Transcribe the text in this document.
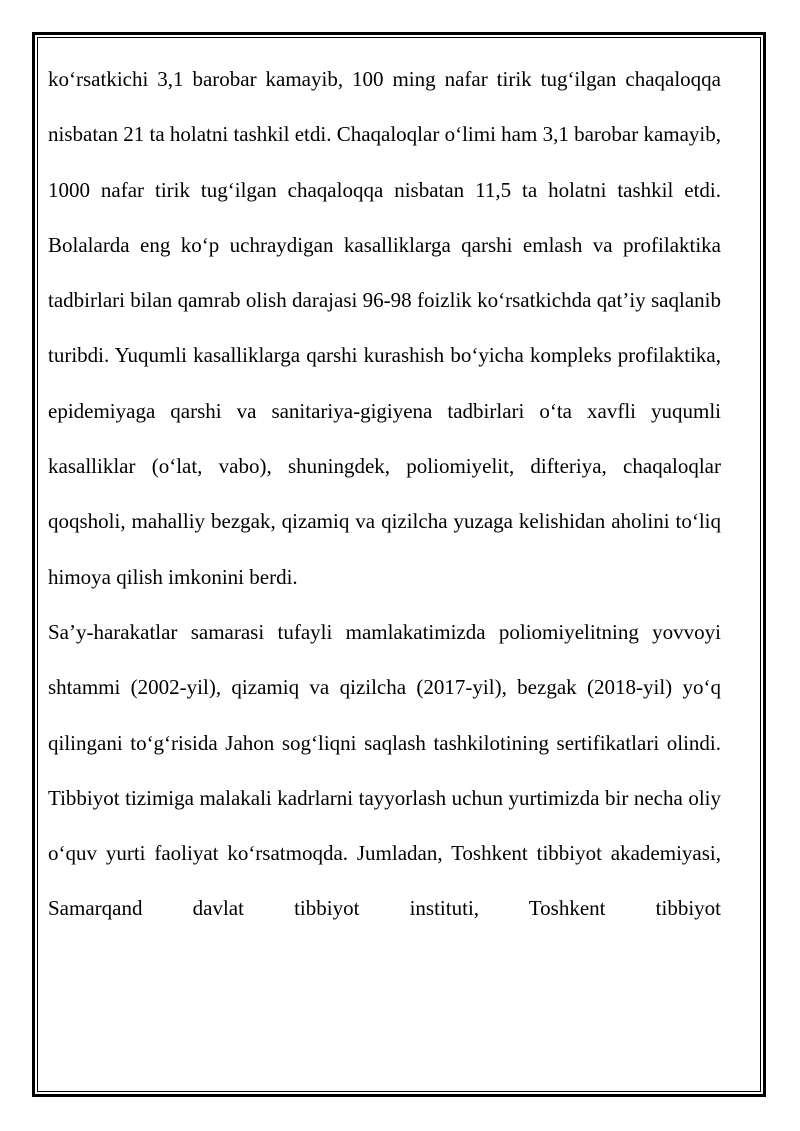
ko‘rsatkichi 3,1 barobar kamayib, 100 ming nafar tirik tug‘ilgan chaqaloqqa nisbatan 21 ta holatni tashkil etdi. Chaqaloqlar o‘limi ham 3,1 barobar kamayib, 1000 nafar tirik tug‘ilgan chaqaloqqa nisbatan 11,5 ta holatni tashkil etdi. Bolalarda eng ko‘p uchraydigan kasalliklarga qarshi emlash va profilaktika tadbirlari bilan qamrab olish darajasi 96-98 foizlik ko‘rsatkichda qat’iy saqlanib turibdi. Yuqumli kasalliklarga qarshi kurashish bo‘yicha kompleks profilaktika, epidemiyaga qarshi va sanitariya-gigiyena tadbirlari o‘ta xavfli yuqumli kasalliklar (o‘lat, vabo), shuningdek, poliomiyelit, difteriya, chaqaloqlar qoqsholi, mahalliy bezgak, qizamiq va qizilcha yuzaga kelishidan aholini to‘liq himoya qilish imkonini berdi.

Sa’y-harakatlar samarasi tufayli mamlakatimizda poliomiyelitning yovvoyi shtammi (2002-yil), qizamiq va qizilcha (2017-yil), bezgak (2018-yil) yo‘q qilingani to‘g‘risida Jahon sog‘liqni saqlash tashkilotining sertifikatlari olindi. Tibbiyot tizimiga malakali kadrlarni tayyorlash uchun yurtimizda bir necha oliy o‘quv yurti faoliyat ko‘rsatmoqda. Jumladan, Toshkent tibbiyot akademiyasi, Samarqand davlat tibbiyot instituti, Toshkent tibbiyot
